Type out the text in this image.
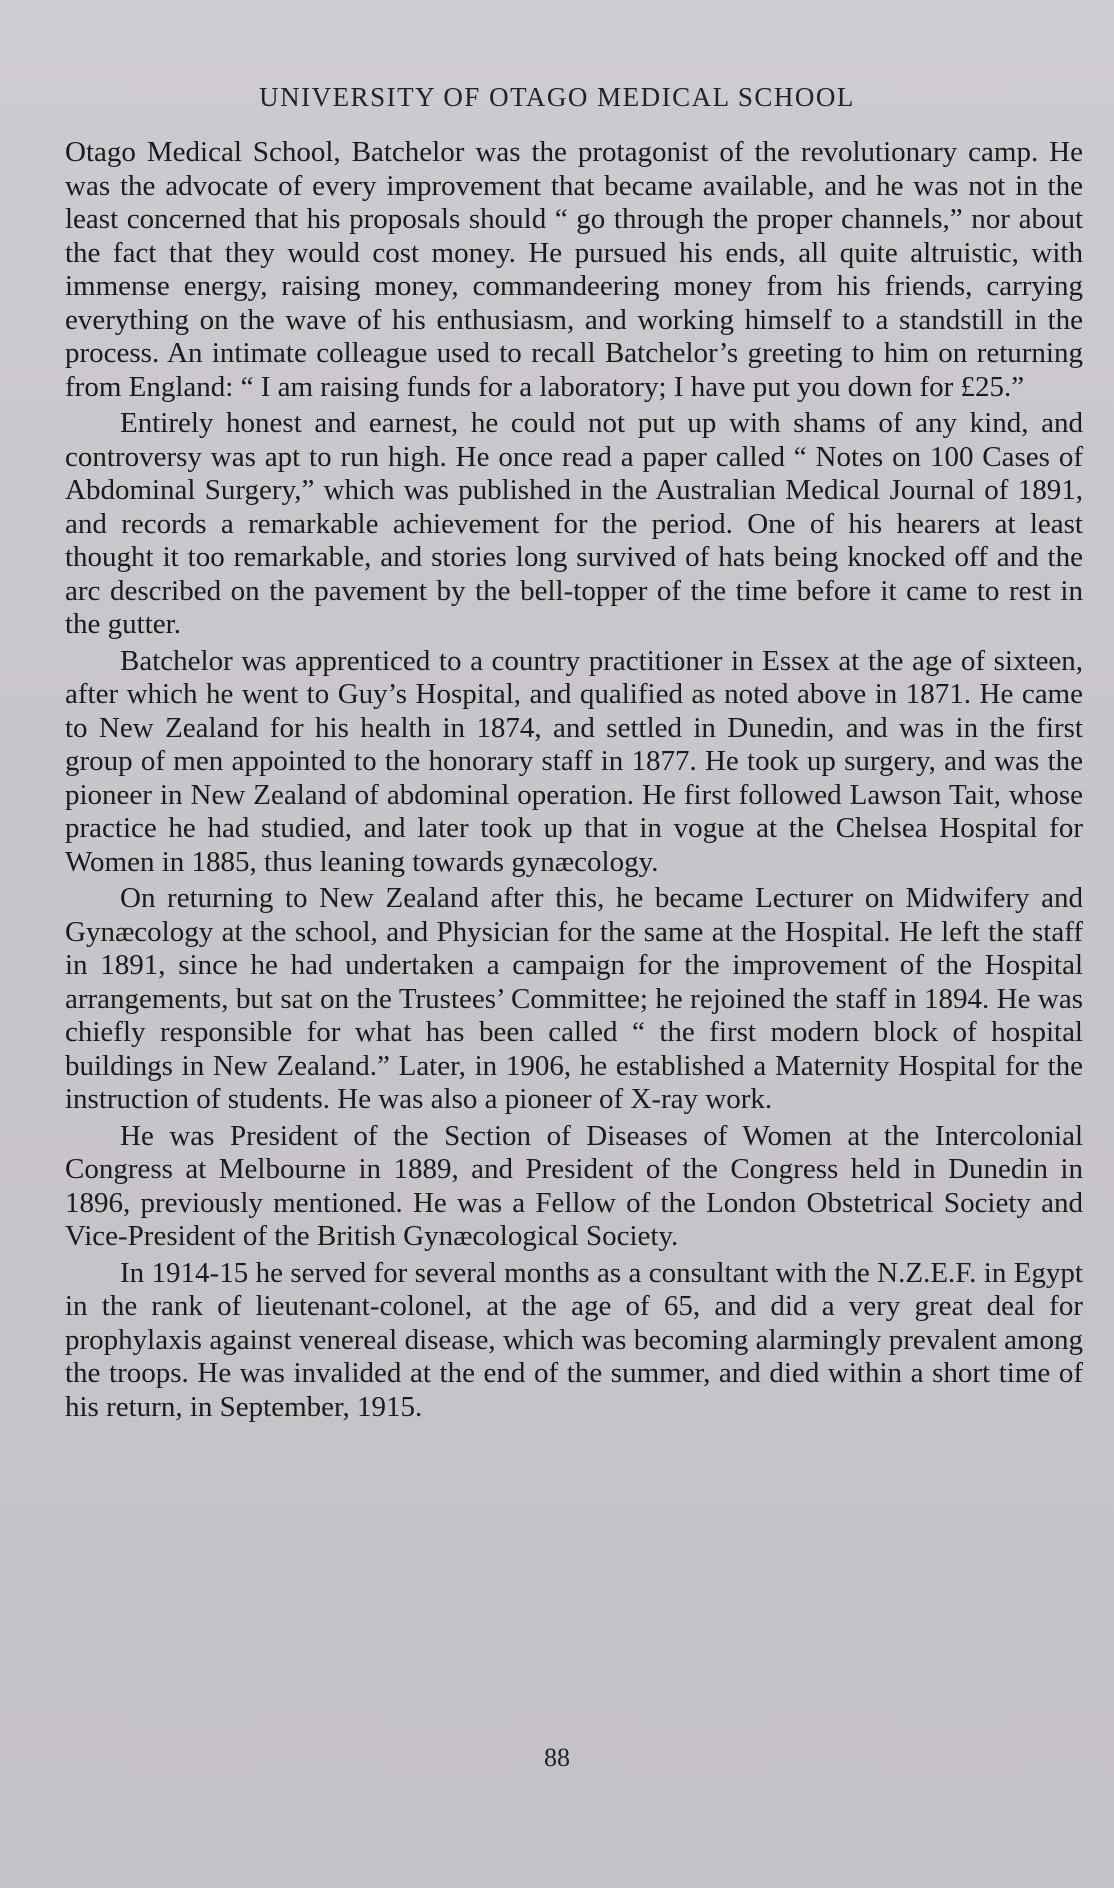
UNIVERSITY OF OTAGO MEDICAL SCHOOL

Otago Medical School, Batchelor was the protagonist of the revolutionary camp. He was the advocate of every improvement that became available, and he was not in the least concerned that his proposals should “ go through the proper channels,” nor about the fact that they would cost money. He pursued his ends, all quite altruistic, with immense energy, raising money, commandeering money from his friends, carrying everything on the wave of his enthusiasm, and working himself to a standstill in the process. An intimate colleague used to recall Batchelor’s greeting to him on returning from England: “ I am raising funds for a laboratory; I have put you down for £25.”

Entirely honest and earnest, he could not put up with shams of any kind, and controversy was apt to run high. He once read a paper called “ Notes on 100 Cases of Abdominal Surgery,” which was published in the Australian Medical Journal of 1891, and records a remarkable achievement for the period. One of his hearers at least thought it too remarkable, and stories long survived of hats being knocked off and the arc described on the pavement by the bell-topper of the time before it came to rest in the gutter.

Batchelor was apprenticed to a country practitioner in Essex at the age of sixteen, after which he went to Guy’s Hospital, and qualified as noted above in 1871. He came to New Zealand for his health in 1874, and settled in Dunedin, and was in the first group of men appointed to the honorary staff in 1877. He took up surgery, and was the pioneer in New Zealand of abdominal operation. He first followed Lawson Tait, whose practice he had studied, and later took up that in vogue at the Chelsea Hospital for Women in 1885, thus leaning towards gynæcology.

On returning to New Zealand after this, he became Lecturer on Midwifery and Gynæcology at the school, and Physician for the same at the Hospital. He left the staff in 1891, since he had undertaken a campaign for the improvement of the Hospital arrangements, but sat on the Trustees’ Committee; he rejoined the staff in 1894. He was chiefly responsible for what has been called “ the first modern block of hospital buildings in New Zealand.” Later, in 1906, he established a Maternity Hospital for the instruction of students. He was also a pioneer of X-ray work.

He was President of the Section of Diseases of Women at the Intercolonial Congress at Melbourne in 1889, and President of the Congress held in Dunedin in 1896, previously mentioned. He was a Fellow of the London Obstetrical Society and Vice-President of the British Gynæcological Society.

In 1914-15 he served for several months as a consultant with the N.Z.E.F. in Egypt in the rank of lieutenant-colonel, at the age of 65, and did a very great deal for prophylaxis against venereal disease, which was becoming alarmingly prevalent among the troops. He was invalided at the end of the summer, and died within a short time of his return, in September, 1915.

88
